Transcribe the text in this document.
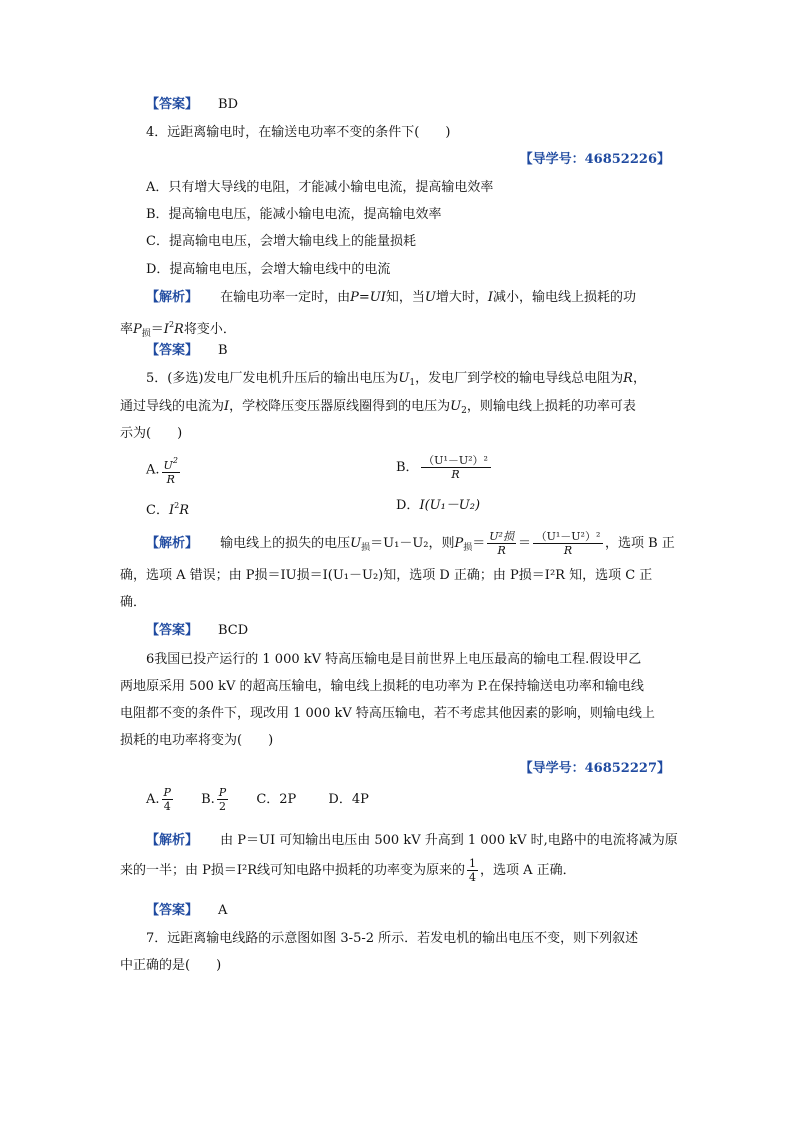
【答案】 BD
4．远距离输电时，在输送电功率不变的条件下(　　)
【导学号：46852226】
A．只有增大导线的电阻，才能减小输电电流，提高输电效率
B．提高输电电压，能减小输电电流，提高输电效率
C．提高输电电压，会增大输电线上的能量损耗
D．提高输电电压，会增大输电线中的电流
【解析】 在输电功率一定时，由P=UI知，当U增大时，I减小，输电线上损耗的功
率$P_损=I^2R$将变小．
【答案】 B
5．(多选)发电厂发电机升压后的输出电压为$U_1$，发电厂到学校的输电导线总电阻为R，
通过导线的电流为I，学校降压变压器原线圈得到的电压为$U_2$，则输电线上损耗的功率可表
示为(　　)
A. $\frac{U^2}{R}$	B． $\frac{\text{（U¹－U²）²}}{R}$
C．$I^2R$	D．I(U₁－U₂)
【解析】 输电线上的损失的电压$U_损=U_1-U_2$，则$P_损= \frac{\text{U²损}}{R} = \frac{\text{（U¹－U²）²}}{R}$ ，选项 B 正
确，选项 A 错误；由 P损＝IU损＝I(U₁－U₂)知，选项 D 正确；由 P损＝I²R 知，选项 C 正
确．
【答案】 BCD
6我国已投产运行的 1 000 kV 特高压输电是目前世界上电压最高的输电工程.假设甲乙
两地原采用 500 kV 的超高压输电，输电线上损耗的电功率为 P.在保持输送电功率和输电线
电阻都不变的条件下，现改用 1 000 kV 特高压输电，若不考虑其他因素的影响，则输电线上
损耗的电功率将变为(　　)
【导学号：46852227】
A. $\frac{P}{4} B$. $\frac{P}{2}$ C．2P D．4P
【解析】 由 P＝UI 可知输出电压由 500 kV 升高到 1 000 kV 时,电路中的电流将减为原
来的一半；由 P损＝I²R线可知电路中损耗的功率变为原来的 $\frac{1}{4}$ ，选项 A 正确．
【答案】 A
7．远距离输电线路的示意图如图 3-5-2 所示．若发电机的输出电压不变，则下列叙述
中正确的是(　　)
